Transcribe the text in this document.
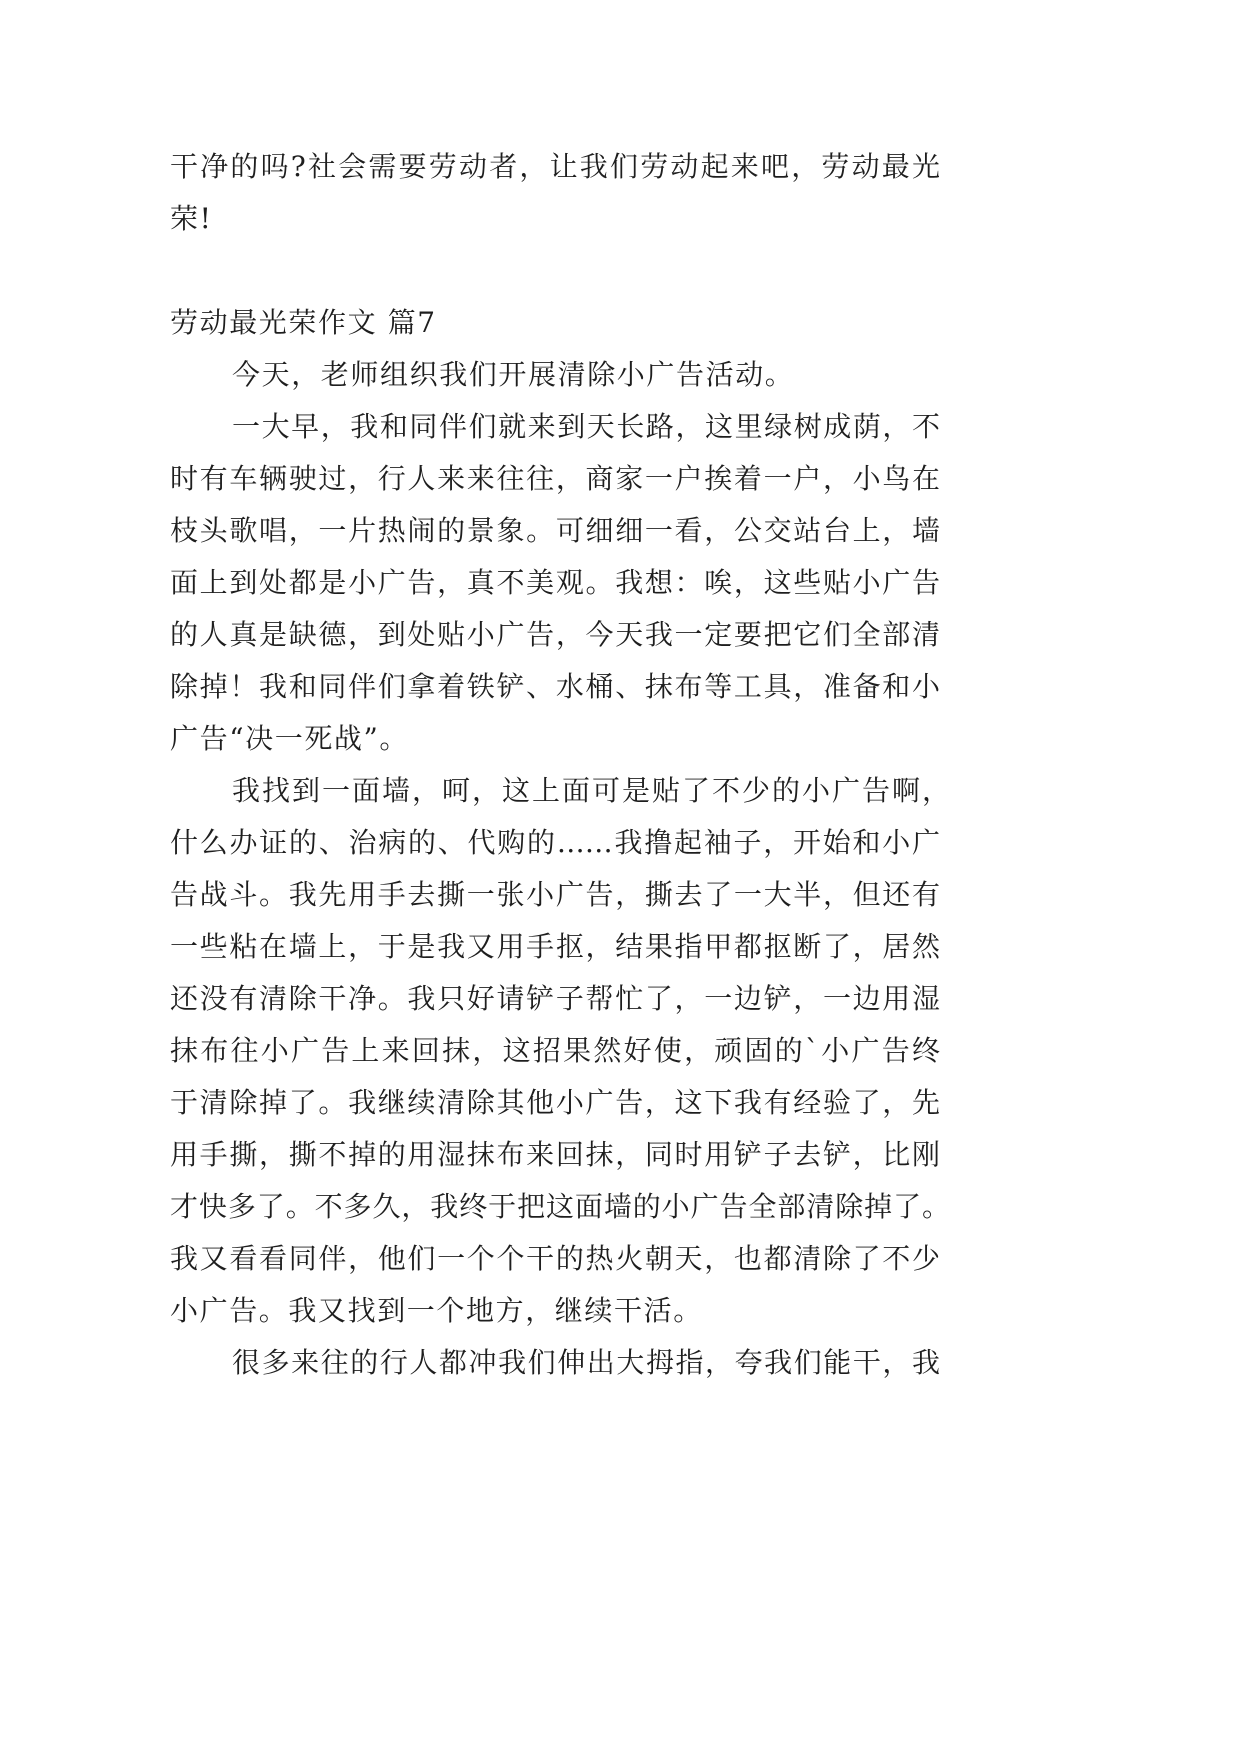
干净的吗?社会需要劳动者，让我们劳动起来吧，劳动最光
荣!
劳动最光荣作文 篇7
今天，老师组织我们开展清除小广告活动。
一大早，我和同伴们就来到天长路，这里绿树成荫，不
时有车辆驶过，行人来来往往，商家一户挨着一户，小鸟在
枝头歌唱，一片热闹的景象。可细细一看，公交站台上，墙
面上到处都是小广告，真不美观。我想：唉，这些贴小广告
的人真是缺德，到处贴小广告，今天我一定要把它们全部清
除掉！我和同伴们拿着铁铲、水桶、抹布等工具，准备和小
广告“决一死战”。
我找到一面墙，呵，这上面可是贴了不少的小广告啊，
什么办证的、治病的、代购的……我撸起袖子，开始和小广
告战斗。我先用手去撕一张小广告，撕去了一大半，但还有
一些粘在墙上，于是我又用手抠，结果指甲都抠断了，居然
还没有清除干净。我只好请铲子帮忙了，一边铲，一边用湿
抹布往小广告上来回抹，这招果然好使，顽固的`小广告终
于清除掉了。我继续清除其他小广告，这下我有经验了，先
用手撕，撕不掉的用湿抹布来回抹，同时用铲子去铲，比刚
才快多了。不多久，我终于把这面墙的小广告全部清除掉了。
我又看看同伴，他们一个个干的热火朝天，也都清除了不少
小广告。我又找到一个地方，继续干活。
很多来往的行人都冲我们伸出大拇指，夸我们能干，我
